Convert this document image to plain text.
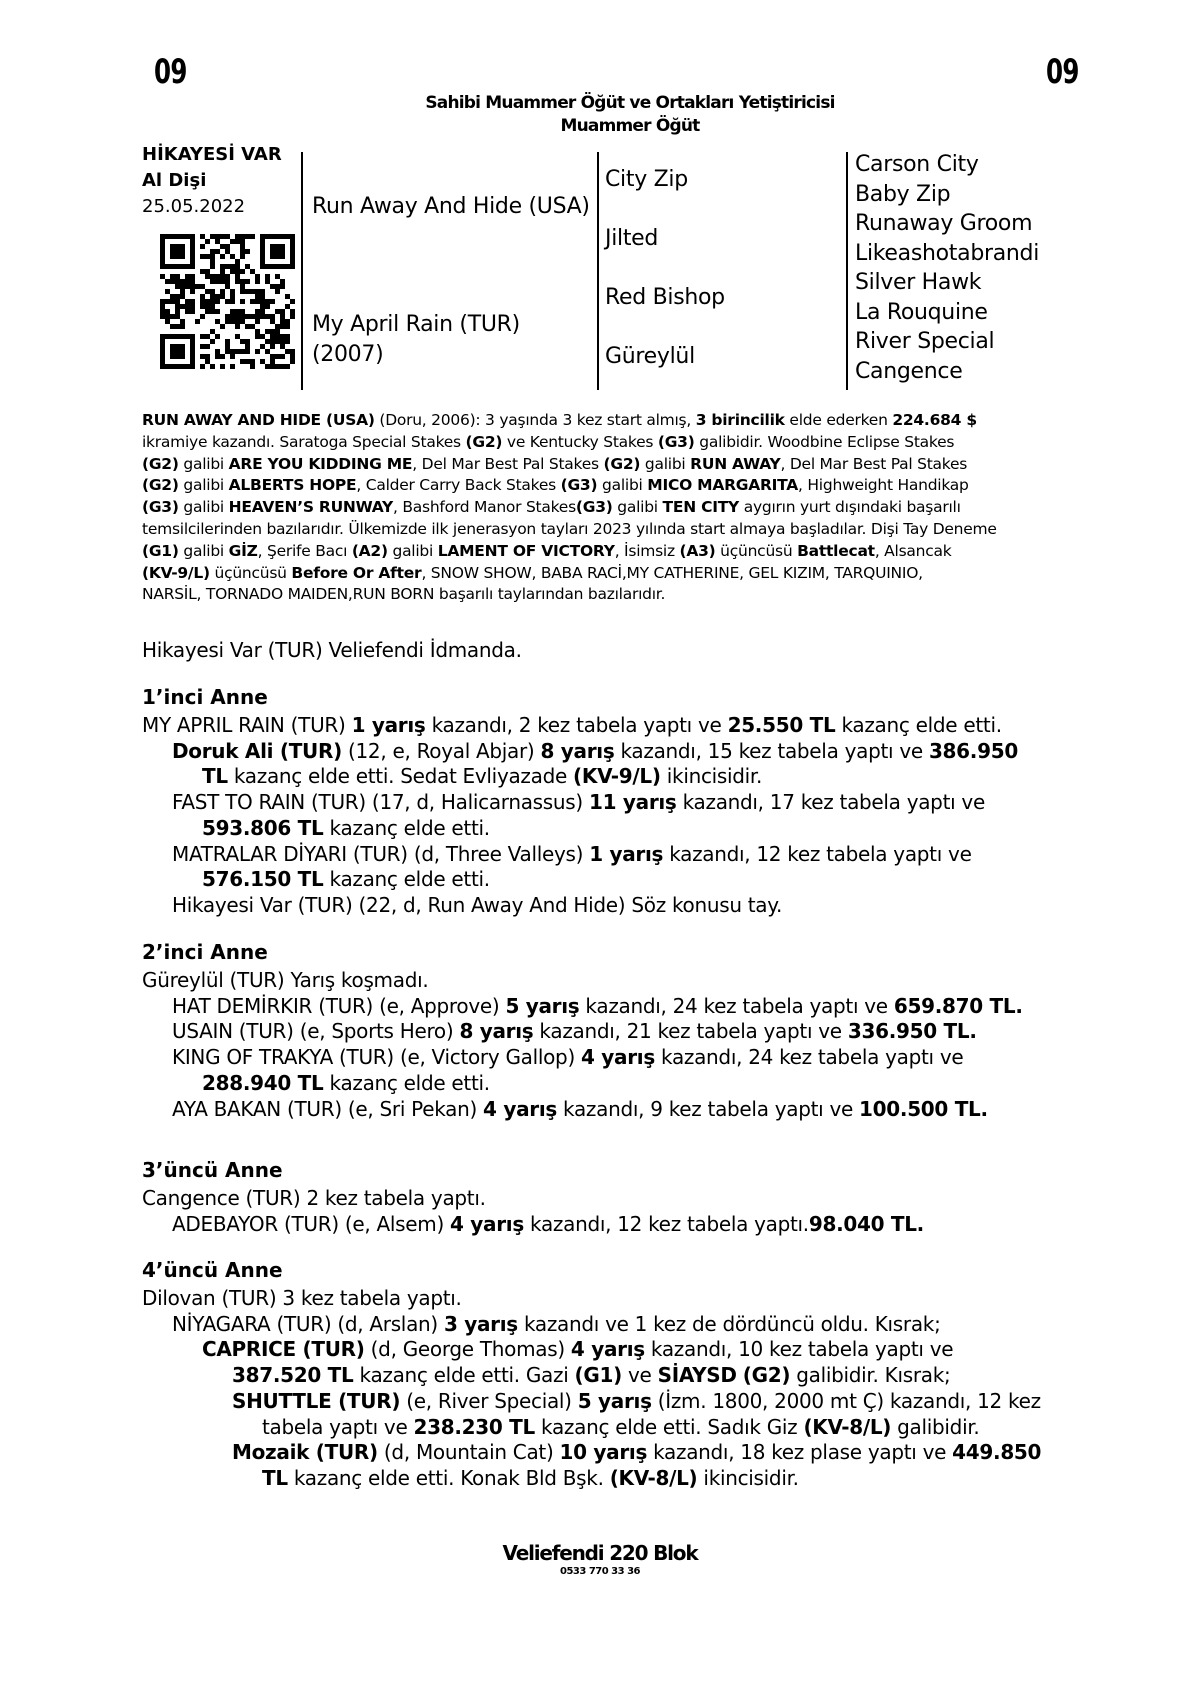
09	09
Sahibi Muammer Öğüt ve Ortakları Yetiştiricisi
Muammer Öğüt
HİKAYESİ VAR
Al Dişi
25.05.2022	Run Away And Hide (USA)
My April Rain (TUR)
(2007)
City Zip
Jilted
Red Bishop
Güreylül
Carson City
Baby Zip
Runaway Groom
Likeashotabrandi
Silver Hawk
La Rouquine
River Special
Cangence
RUN AWAY AND HIDE (USA) (Doru, 2006): 3 yaşında 3 kez start almış, 3 birincilik elde ederken 224.684 $
ikramiye kazandı. Saratoga Special Stakes (G2) ve Kentucky Stakes (G3) galibidir. Woodbine Eclipse Stakes
(G2) galibi ARE YOU KIDDING ME, Del Mar Best Pal Stakes (G2) galibi RUN AWAY, Del Mar Best Pal Stakes
(G2) galibi ALBERTS HOPE, Calder Carry Back Stakes (G3) galibi MICO MARGARITA, Highweight Handikap
(G3) galibi HEAVEN’S RUNWAY, Bashford Manor Stakes(G3) galibi TEN CITY aygırın yurt dışındaki başarılı
temsilcilerinden bazılarıdır. Ülkemizde ilk jenerasyon tayları 2023 yılında start almaya başladılar. Dişi Tay Deneme
(G1) galibi GİZ, Şerife Bacı (A2) galibi LAMENT OF VICTORY, İsimsiz (A3) üçüncüsü Battlecat, Alsancak
(KV-9/L) üçüncüsü Before Or After, SNOW SHOW, BABA RACİ,MY CATHERINE, GEL KIZIM, TARQUINIO,
NARSİL, TORNADO MAIDEN,RUN BORN başarılı taylarından bazılarıdır.
Hikayesi Var (TUR) Veliefendi İdmanda.
1’inci Anne
MY APRIL RAIN (TUR) 1 yarış kazandı, 2 kez tabela yaptı ve 25.550 TL kazanç elde etti.
Doruk Ali (TUR) (12, e, Royal Abjar) 8 yarış kazandı, 15 kez tabela yaptı ve 386.950
TL kazanç elde etti. Sedat Evliyazade (KV-9/L) ikincisidir.
FAST TO RAIN (TUR) (17, d, Halicarnassus) 11 yarış kazandı, 17 kez tabela yaptı ve
593.806 TL kazanç elde etti.
MATRALAR DİYARI (TUR) (d, Three Valleys) 1 yarış kazandı, 12 kez tabela yaptı ve
576.150 TL kazanç elde etti.
Hikayesi Var (TUR) (22, d, Run Away And Hide) Söz konusu tay.
2’inci Anne
Güreylül (TUR) Yarış koşmadı.
HAT DEMİRKIR (TUR) (e, Approve) 5 yarış kazandı, 24 kez tabela yaptı ve 659.870 TL.
USAIN (TUR) (e, Sports Hero) 8 yarış kazandı, 21 kez tabela yaptı ve 336.950 TL.
KING OF TRAKYA (TUR) (e, Victory Gallop) 4 yarış kazandı, 24 kez tabela yaptı ve
288.940 TL kazanç elde etti.
AYA BAKAN (TUR) (e, Sri Pekan) 4 yarış kazandı, 9 kez tabela yaptı ve 100.500 TL.
3’üncü Anne
Cangence (TUR) 2 kez tabela yaptı.
ADEBAYOR (TUR) (e, Alsem) 4 yarış kazandı, 12 kez tabela yaptı.98.040 TL.
4’üncü Anne
Dilovan (TUR) 3 kez tabela yaptı.
NİYAGARA (TUR) (d, Arslan) 3 yarış kazandı ve 1 kez de dördüncü oldu. Kısrak;
CAPRICE (TUR) (d, George Thomas) 4 yarış kazandı, 10 kez tabela yaptı ve
387.520 TL kazanç elde etti. Gazi (G1) ve SİAYSD (G2) galibidir. Kısrak;
SHUTTLE (TUR) (e, River Special) 5 yarış (İzm. 1800, 2000 mt Ç) kazandı, 12 kez
tabela yaptı ve 238.230 TL kazanç elde etti. Sadık Giz (KV-8/L) galibidir.
Mozaik (TUR) (d, Mountain Cat) 10 yarış kazandı, 18 kez plase yaptı ve 449.850
TL kazanç elde etti. Konak Bld Bşk. (KV-8/L) ikincisidir.
Veliefendi 220 Blok
0533 770 33 36
